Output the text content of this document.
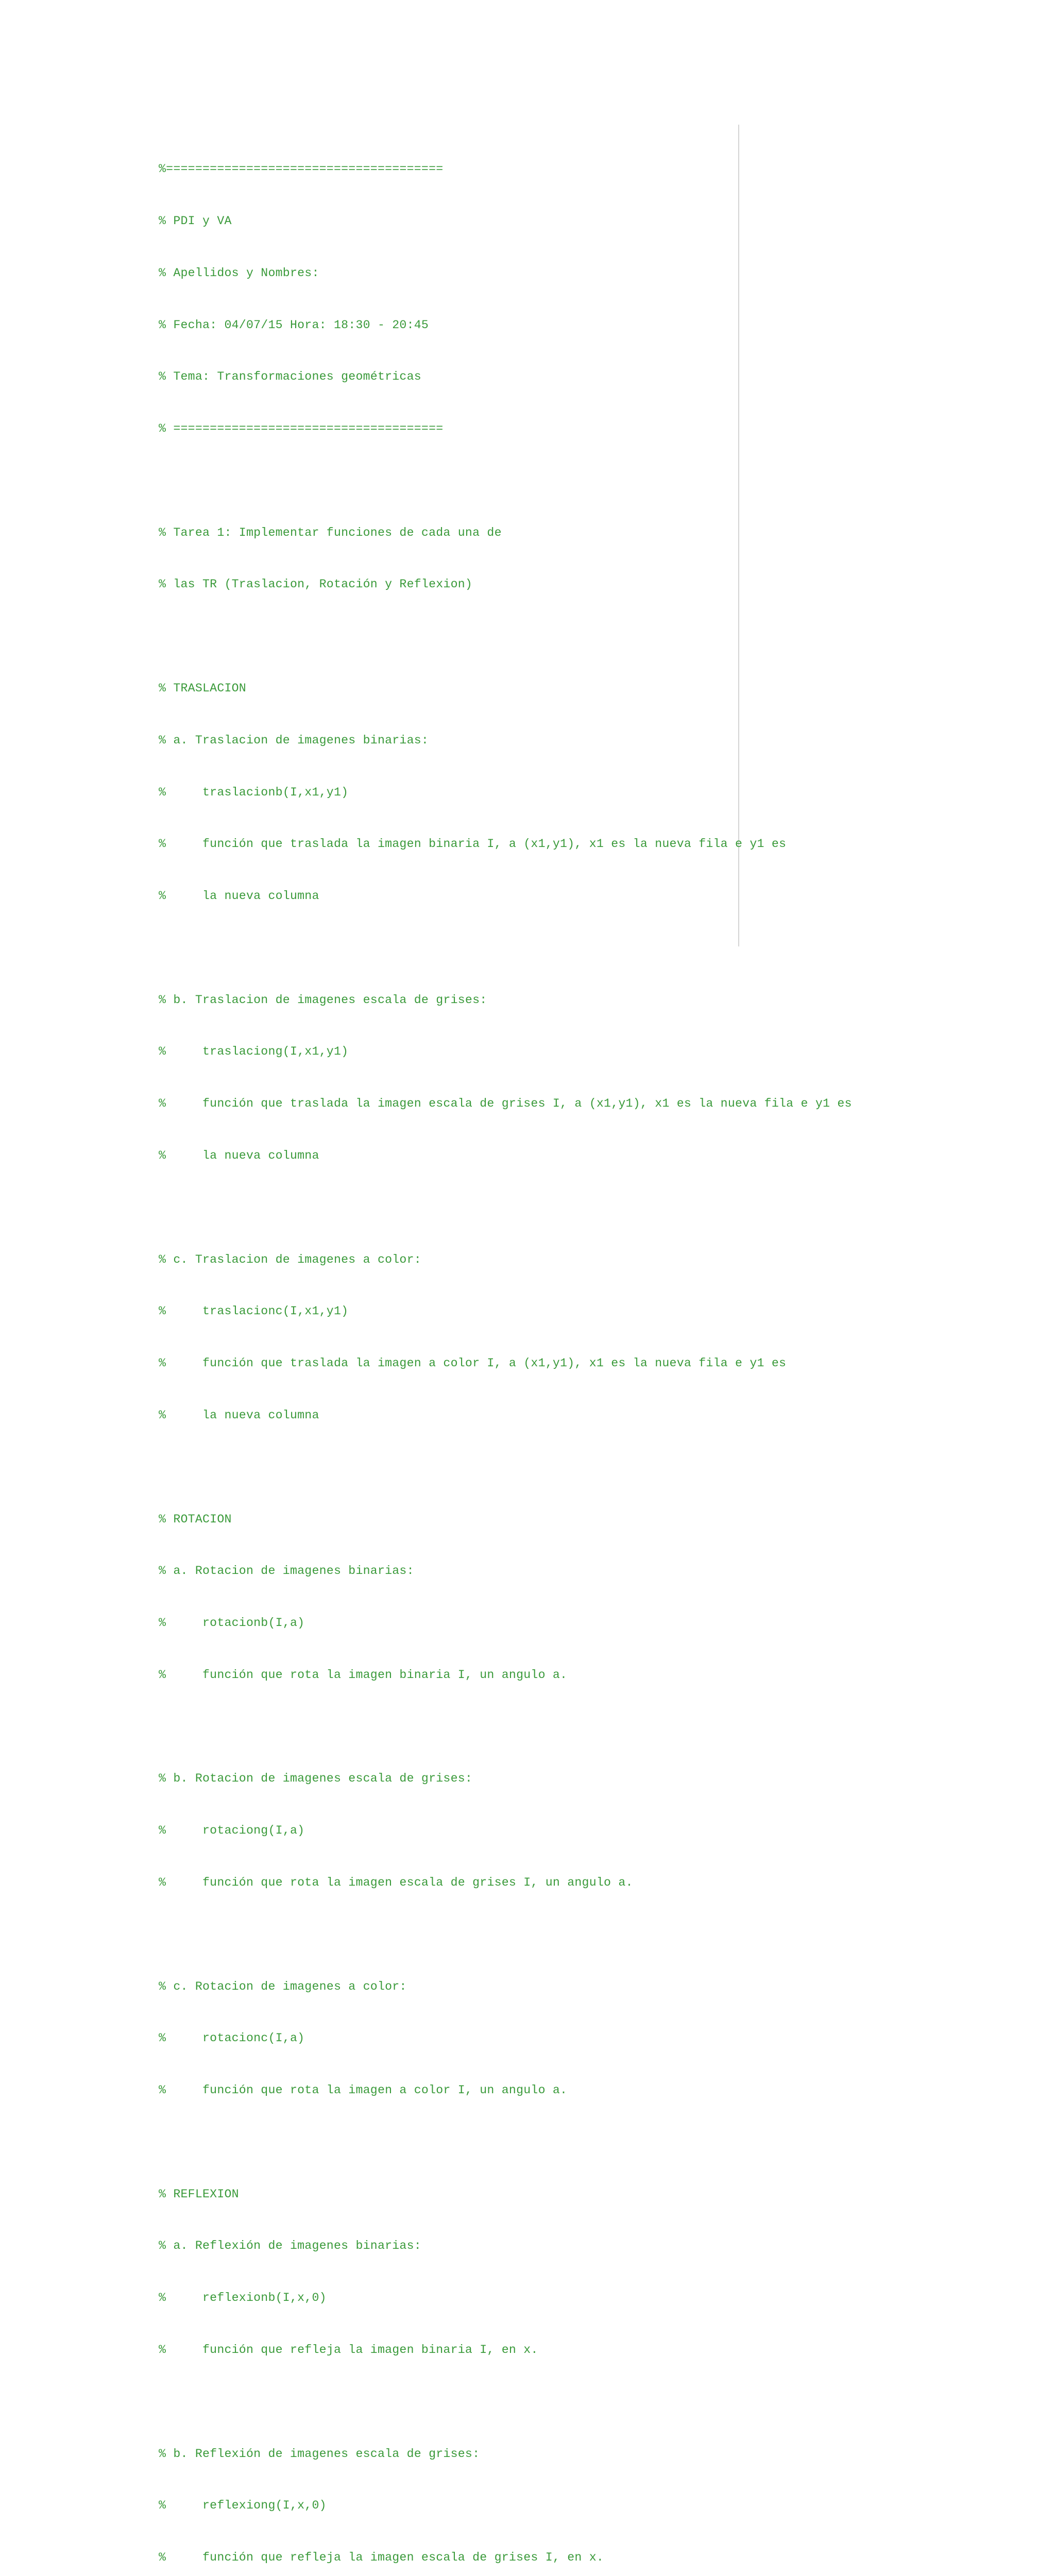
%======================================

% PDI y VA

% Apellidos y Nombres:

% Fecha: 04/07/15 Hora: 18:30 - 20:45

% Tema: Transformaciones geométricas

% =====================================

% Tarea 1: Implementar funciones de cada una de

% las TR (Traslacion, Rotación y Reflexion)

% TRASLACION

% a. Traslacion de imagenes binarias:

%     traslacionb(I,x1,y1)

%     función que traslada la imagen binaria I, a (x1,y1), x1 es la nueva fila e y1 es

%     la nueva columna

% b. Traslacion de imagenes escala de grises:

%     traslaciong(I,x1,y1)

%     función que traslada la imagen escala de grises I, a (x1,y1), x1 es la nueva fila e y1 es

%     la nueva columna

% c. Traslacion de imagenes a color:

%     traslacionc(I,x1,y1)

%     función que traslada la imagen a color I, a (x1,y1), x1 es la nueva fila e y1 es

%     la nueva columna

% ROTACION

% a. Rotacion de imagenes binarias:

%     rotacionb(I,a)

%     función que rota la imagen binaria I, un angulo a.

% b. Rotacion de imagenes escala de grises:

%     rotaciong(I,a)

%     función que rota la imagen escala de grises I, un angulo a.

% c. Rotacion de imagenes a color:

%     rotacionc(I,a)

%     función que rota la imagen a color I, un angulo a.

% REFLEXION

% a. Reflexión de imagenes binarias:

%     reflexionb(I,x,0)

%     función que refleja la imagen binaria I, en x.

% b. Reflexión de imagenes escala de grises:

%     reflexiong(I,x,0)

%     función que refleja la imagen escala de grises I, en x.
